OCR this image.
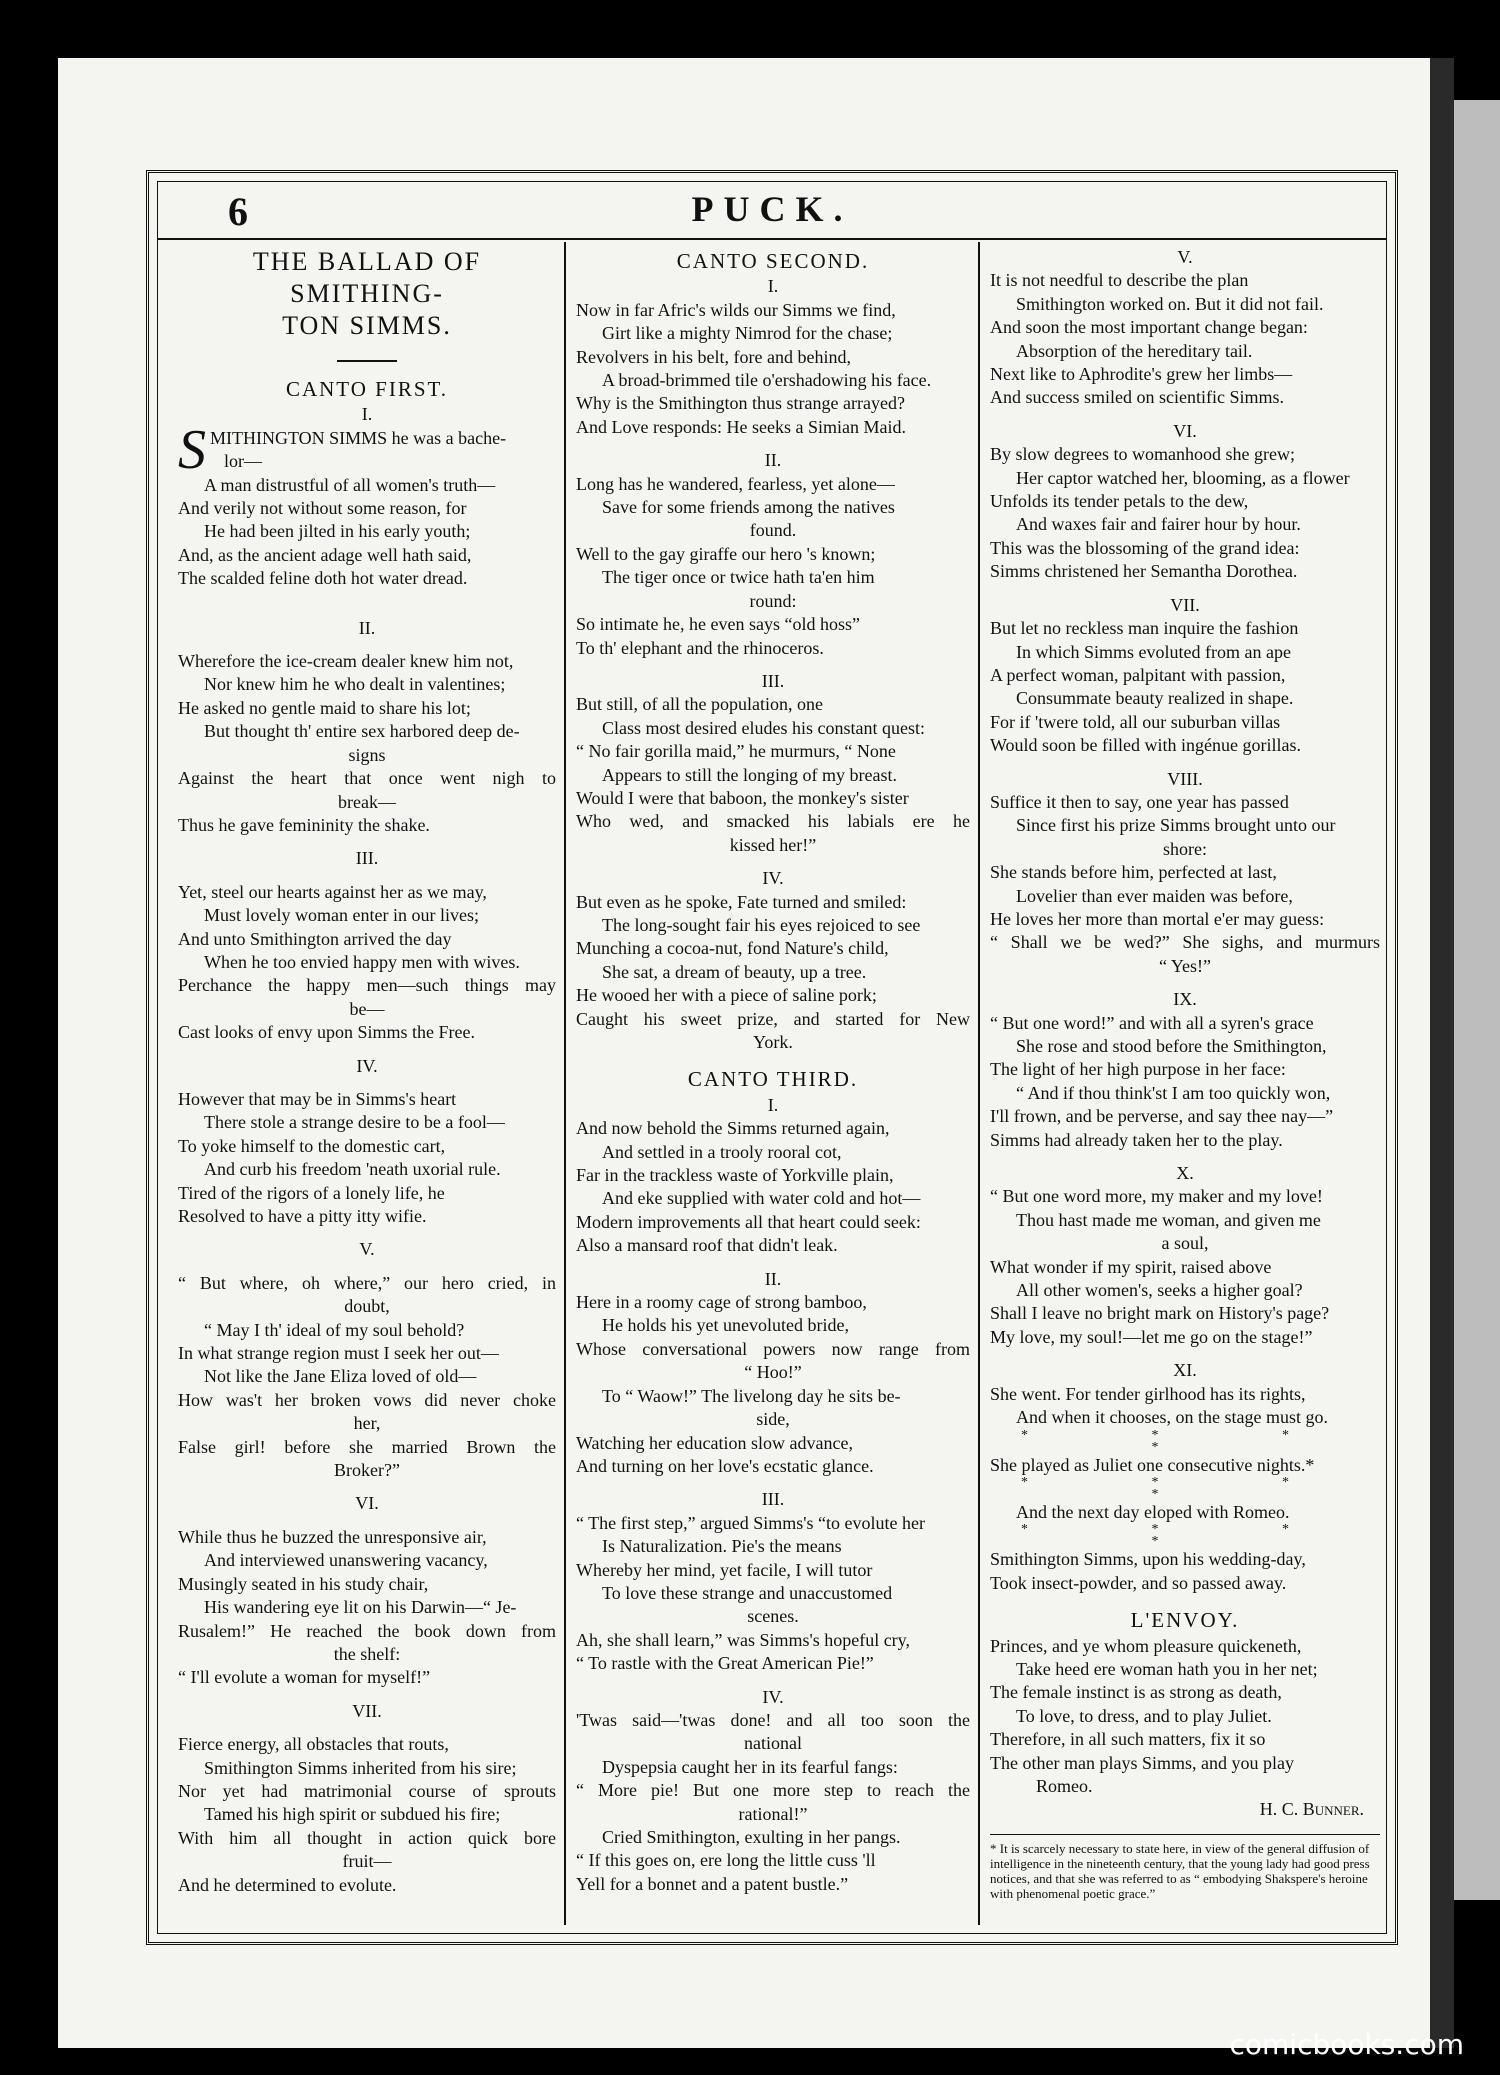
6	PUCK.
THE BALLAD OF SMITHING-
TON SIMMS.
CANTO FIRST.
I.
SMITHINGTON SIMMS he was a bache-
lor—
A man distrustful of all women's truth—
And verily not without some reason, for
He had been jilted in his early youth;
And, as the ancient adage well hath said,
The scalded feline doth hot water dread.
II.
Wherefore the ice-cream dealer knew him not,
Nor knew him he who dealt in valentines;
He asked no gentle maid to share his lot;
But thought th' entire sex harbored deep de-
signs
Against the heart that once went nigh to
break—
Thus he gave femininity the shake.
III.
Yet, steel our hearts against her as we may,
Must lovely woman enter in our lives;
And unto Smithington arrived the day
When he too envied happy men with wives.
Perchance the happy men—such things may
be—
Cast looks of envy upon Simms the Free.
IV.
However that may be in Simms's heart
There stole a strange desire to be a fool—
To yoke himself to the domestic cart,
And curb his freedom 'neath uxorial rule.
Tired of the rigors of a lonely life, he
Resolved to have a pitty itty wifie.
V.
“ But where, oh where,” our hero cried, in
doubt,
“ May I th' ideal of my soul behold?
In what strange region must I seek her out—
Not like the Jane Eliza loved of old—
How was't her broken vows did never choke
her,
False girl! before she married Brown the
Broker?”
VI.
While thus he buzzed the unresponsive air,
And interviewed unanswering vacancy,
Musingly seated in his study chair,
His wandering eye lit on his Darwin—“ Je-
Rusalem!” He reached the book down from
the shelf:
“ I'll evolute a woman for myself!”
VII.
Fierce energy, all obstacles that routs,
Smithington Simms inherited from his sire;
Nor yet had matrimonial course of sprouts
Tamed his high spirit or subdued his fire;
With him all thought in action quick bore
fruit—
And he determined to evolute.
CANTO SECOND.
I.
Now in far Afric's wilds our Simms we find,
Girt like a mighty Nimrod for the chase;
Revolvers in his belt, fore and behind,
A broad-brimmed tile o'ershadowing his face.
Why is the Smithington thus strange arrayed?
And Love responds: He seeks a Simian Maid.
II.
Long has he wandered, fearless, yet alone—
Save for some friends among the natives
found.
Well to the gay giraffe our hero 's known;
The tiger once or twice hath ta'en him
round:
So intimate he, he even says “old hoss”
To th' elephant and the rhinoceros.
III.
But still, of all the population, one
Class most desired eludes his constant quest:
“ No fair gorilla maid,” he murmurs, “ None
Appears to still the longing of my breast.
Would I were that baboon, the monkey's sister
Who wed, and smacked his labials ere he
kissed her!”
IV.
But even as he spoke, Fate turned and smiled:
The long-sought fair his eyes rejoiced to see
Munching a cocoa-nut, fond Nature's child,
She sat, a dream of beauty, up a tree.
He wooed her with a piece of saline pork;
Caught his sweet prize, and started for New
York.
CANTO THIRD.
I.
And now behold the Simms returned again,
And settled in a trooly rooral cot,
Far in the trackless waste of Yorkville plain,
And eke supplied with water cold and hot—
Modern improvements all that heart could seek:
Also a mansard roof that didn't leak.
II.
Here in a roomy cage of strong bamboo,
He holds his yet unevoluted bride,
Whose conversational powers now range from
“ Hoo!”
To “ Waow!” The livelong day he sits be-
side,
Watching her education slow advance,
And turning on her love's ecstatic glance.
III.
“ The first step,” argued Simms's “to evolute her
Is Naturalization. Pie's the means
Whereby her mind, yet facile, I will tutor
To love these strange and unaccustomed
scenes.
Ah, she shall learn,” was Simms's hopeful cry,
“ To rastle with the Great American Pie!”
IV.
'Twas said—'twas done! and all too soon the
national
Dyspepsia caught her in its fearful fangs:
“ More pie! But one more step to reach the
rational!”
Cried Smithington, exulting in her pangs.
“ If this goes on, ere long the little cuss 'll
Yell for a bonnet and a patent bustle.”
V.
It is not needful to describe the plan
Smithington worked on. But it did not fail.
And soon the most important change began:
Absorption of the hereditary tail.
Next like to Aphrodite's grew her limbs—
And success smiled on scientific Simms.
VI.
By slow degrees to womanhood she grew;
Her captor watched her, blooming, as a flower
Unfolds its tender petals to the dew,
And waxes fair and fairer hour by hour.
This was the blossoming of the grand idea:
Simms christened her Semantha Dorothea.
VII.
But let no reckless man inquire the fashion
In which Simms evoluted from an ape
A perfect woman, palpitant with passion,
Consummate beauty realized in shape.
For if 'twere told, all our suburban villas
Would soon be filled with ingénue gorillas.
VIII.
Suffice it then to say, one year has passed
Since first his prize Simms brought unto our
shore:
She stands before him, perfected at last,
Lovelier than ever maiden was before,
He loves her more than mortal e'er may guess:
“ Shall we be wed?” She sighs, and murmurs
“ Yes!”
IX.
“ But one word!” and with all a syren's grace
She rose and stood before the Smithington,
The light of her high purpose in her face:
“ And if thou think'st I am too quickly won,
I'll frown, and be perverse, and say thee nay—”
Simms had already taken her to the play.
X.
“ But one word more, my maker and my love!
Thou hast made me woman, and given me
a soul,
What wonder if my spirit, raised above
All other women's, seeks a higher goal?
Shall I leave no bright mark on History's page?
My love, my soul!—let me go on the stage!”
XI.
She went. For tender girlhood has its rights,
And when it chooses, on the stage must go.
* * * *
She played as Juliet one consecutive nights.*
* * * *
And the next day eloped with Romeo.
* * * *
Smithington Simms, upon his wedding-day,
Took insect-powder, and so passed away.
L'ENVOY.
Princes, and ye whom pleasure quickeneth,
Take heed ere woman hath you in her net;
The female instinct is as strong as death,
To love, to dress, and to play Juliet.
Therefore, in all such matters, fix it so
The other man plays Simms, and you play
Romeo.
H. C. Bunner.
* It is scarcely necessary to state here, in view of the general diffusion of intelligence in the nineteenth century, that the young lady had good press notices, and that she was referred to as “ embodying Shakspere's heroine with phenomenal poetic grace.”
comicbooks.com
